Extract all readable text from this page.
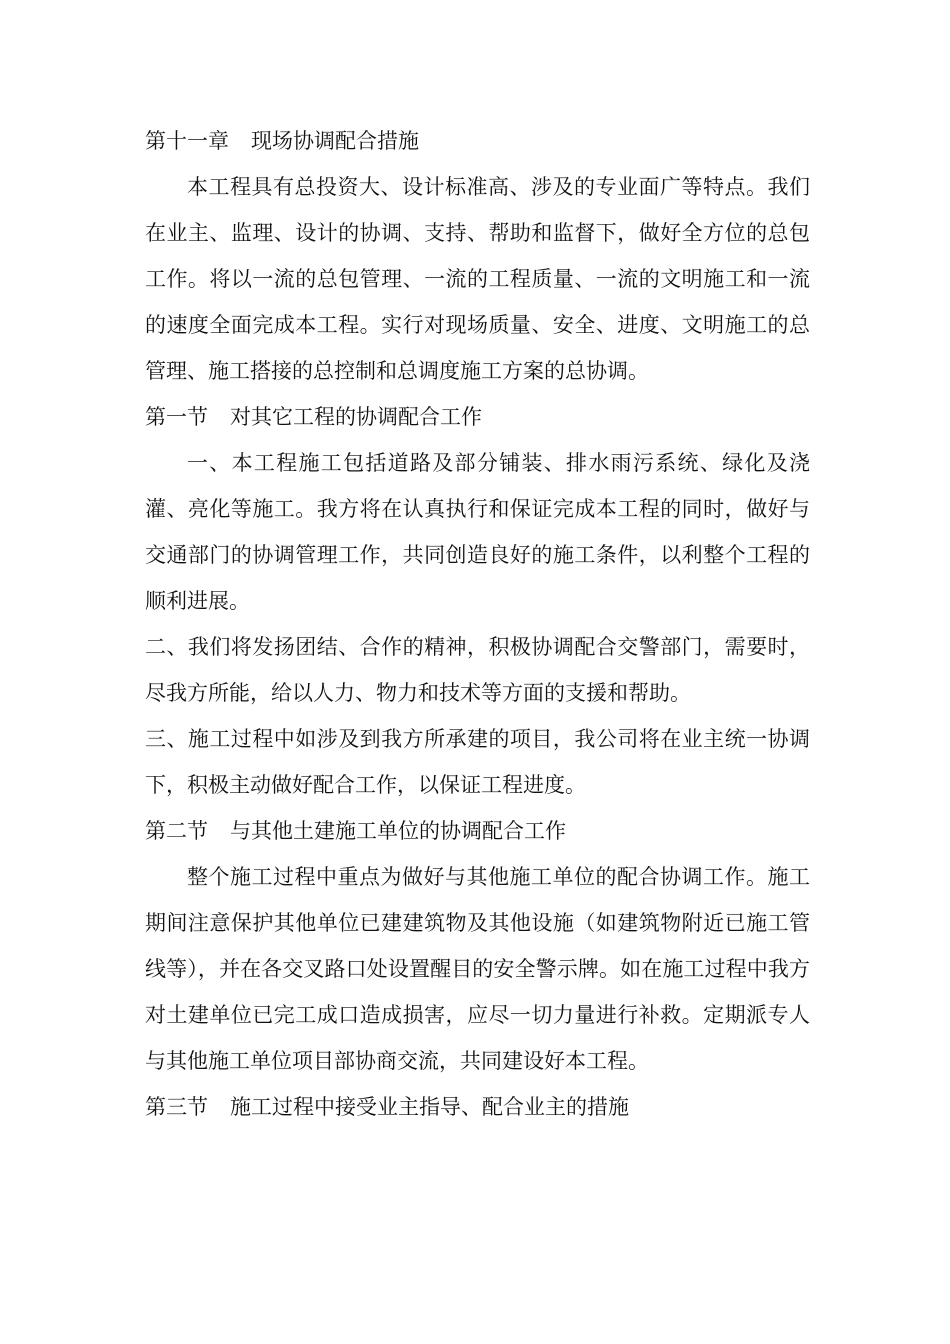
第十一章 现场协调配合措施

本工程具有总投资大、设计标准高、涉及的专业面广等特点。我们在业主、监理、设计的协调、支持、帮助和监督下，做好全方位的总包工作。将以一流的总包管理、一流的工程质量、一流的文明施工和一流的速度全面完成本工程。实行对现场质量、安全、进度、文明施工的总管理、施工搭接的总控制和总调度施工方案的总协调。

第一节 对其它工程的协调配合工作

一、本工程施工包括道路及部分铺装、排水雨污系统、绿化及浇灌、亮化等施工。我方将在认真执行和保证完成本工程的同时，做好与交通部门的协调管理工作，共同创造良好的施工条件，以利整个工程的顺利进展。

二、我们将发扬团结、合作的精神，积极协调配合交警部门，需要时，尽我方所能，给以人力、物力和技术等方面的支援和帮助。

三、施工过程中如涉及到我方所承建的项目，我公司将在业主统一协调下，积极主动做好配合工作，以保证工程进度。

第二节 与其他土建施工单位的协调配合工作

整个施工过程中重点为做好与其他施工单位的配合协调工作。施工期间注意保护其他单位已建建筑物及其他设施（如建筑物附近已施工管线等），并在各交叉路口处设置醒目的安全警示牌。如在施工过程中我方对土建单位已完工成口造成损害，应尽一切力量进行补救。定期派专人与其他施工单位项目部协商交流，共同建设好本工程。

第三节 施工过程中接受业主指导、配合业主的措施
